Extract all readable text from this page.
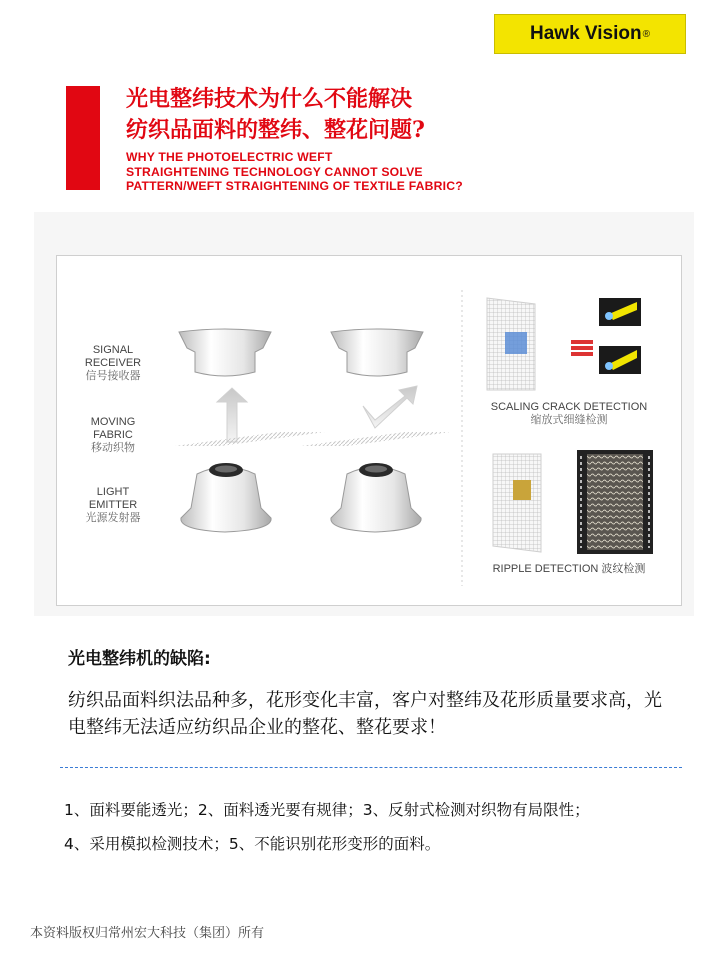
Hawk Vision ®
光电整纬技术为什么不能解决
纺织品面料的整纬、整花问题?
WHY THE PHOTOELECTRIC WEFT
STRAIGHTENING TECHNOLOGY CANNOT SOLVE
PATTERN/WEFT STRAIGHTENING OF TEXTILE FABRIC?
SIGNAL
RECEIVER
信号接收器
MOVING
FABRIC
移动织物
LIGHT
EMITTER
光源发射器
SCALING CRACK DETECTION
缩放式细缝检测
RIPPLE DETECTION 波纹检测
光电整纬机的缺陷:

纺织品面料织法品种多，花形变化丰富，客户对整纬及花形质量要求高，光电整纬无法适应纺织品企业的整花、整花要求！

1、面料要能透光；2、面料透光要有规律；3、反射式检测对织物有局限性；
4、采用模拟检测技术；5、不能识别花形变形的面料。
本资料版权归常州宏大科技（集团）所有
